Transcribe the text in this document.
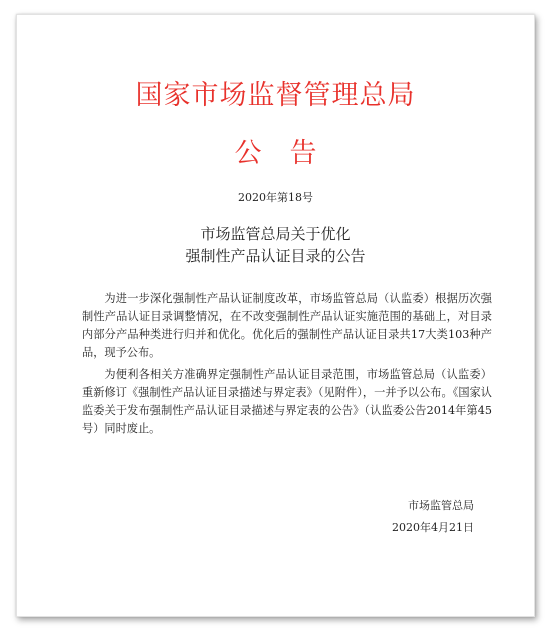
国家市场监督管理总局
公告
2020年第18号
市场监管总局关于优化
强制性产品认证目录的公告

为进一步深化强制性产品认证制度改革，市场监管总局（认监委）根据历次强制性产品认证目录调整情况，在不改变强制性产品认证实施范围的基础上，对目录内部分产品种类进行归并和优化。优化后的强制性产品认证目录共17大类103种产品，现予公布。

为便利各相关方准确界定强制性产品认证目录范围，市场监管总局（认监委）重新修订《强制性产品认证目录描述与界定表》（见附件），一并予以公布。《国家认监委关于发布强制性产品认证目录描述与界定表的公告》（认监委公告2014年第45号）同时废止。

市场监管总局
2020年4月21日
